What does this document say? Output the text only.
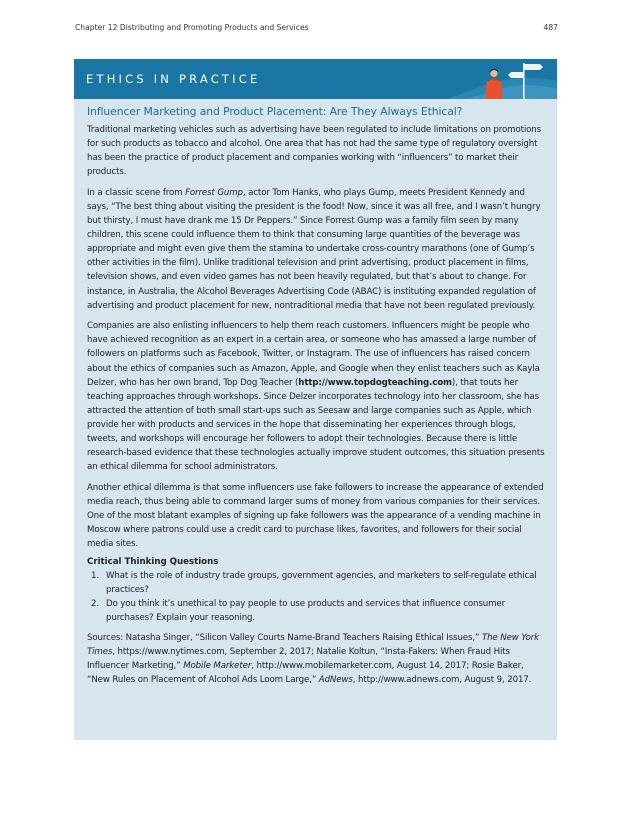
Chapter 12 Distributing and Promoting Products and Services	487
ETHICS IN PRACTICE
Influencer Marketing and Product Placement: Are They Always Ethical?

Traditional marketing vehicles such as advertising have been regulated to include limitations on promotions for such products as tobacco and alcohol. One area that has not had the same type of regulatory oversight has been the practice of product placement and companies working with “influencers” to market their products.

In a classic scene from Forrest Gump, actor Tom Hanks, who plays Gump, meets President Kennedy and says, “The best thing about visiting the president is the food! Now, since it was all free, and I wasn’t hungry but thirsty, I must have drank me 15 Dr Peppers.” Since Forrest Gump was a family film seen by many children, this scene could influence them to think that consuming large quantities of the beverage was appropriate and might even give them the stamina to undertake cross-country marathons (one of Gump’s other activities in the film). Unlike traditional television and print advertising, product placement in films, television shows, and even video games has not been heavily regulated, but that’s about to change. For instance, in Australia, the Alcohol Beverages Advertising Code (ABAC) is instituting expanded regulation of advertising and product placement for new, nontraditional media that have not been regulated previously.

Companies are also enlisting influencers to help them reach customers. Influencers might be people who have achieved recognition as an expert in a certain area, or someone who has amassed a large number of followers on platforms such as Facebook, Twitter, or Instagram. The use of influencers has raised concern about the ethics of companies such as Amazon, Apple, and Google when they enlist teachers such as Kayla Delzer, who has her own brand, Top Dog Teacher (http://www.topdogteaching.com), that touts her teaching approaches through workshops. Since Delzer incorporates technology into her classroom, she has attracted the attention of both small start-ups such as Seesaw and large companies such as Apple, which provide her with products and services in the hope that disseminating her experiences through blogs, tweets, and workshops will encourage her followers to adopt their technologies. Because there is little research-based evidence that these technologies actually improve student outcomes, this situation presents an ethical dilemma for school administrators.

Another ethical dilemma is that some influencers use fake followers to increase the appearance of extended media reach, thus being able to command larger sums of money from various companies for their services. One of the most blatant examples of signing up fake followers was the appearance of a vending machine in Moscow where patrons could use a credit card to purchase likes, favorites, and followers for their social media sites.

Critical Thinking Questions
1. What is the role of industry trade groups, government agencies, and marketers to self-regulate ethical practices?
2. Do you think it’s unethical to pay people to use products and services that influence consumer purchases? Explain your reasoning.

Sources: Natasha Singer, “Silicon Valley Courts Name-Brand Teachers Raising Ethical Issues,” The New York Times, https://www.nytimes.com, September 2, 2017; Natalie Koltun, “Insta-Fakers: When Fraud Hits Influencer Marketing,” Mobile Marketer, http://www.mobilemarketer.com, August 14, 2017; Rosie Baker, “New Rules on Placement of Alcohol Ads Loom Large,” AdNews, http://www.adnews.com, August 9, 2017.
